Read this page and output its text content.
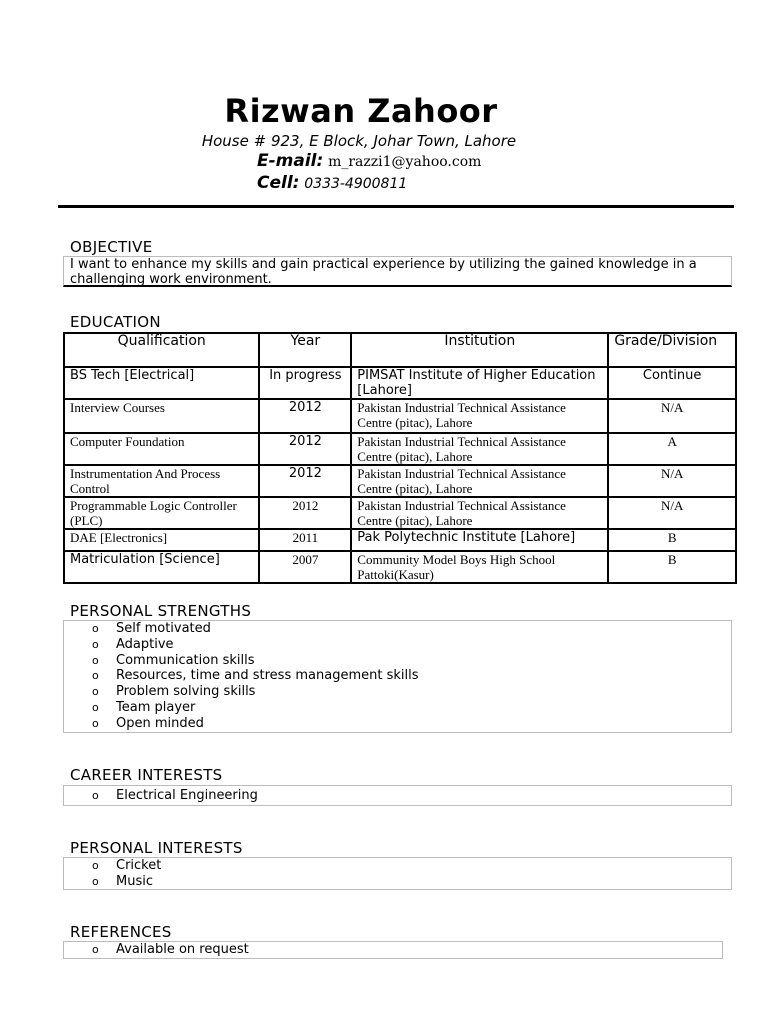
Rizwan Zahoor
House # 923, E Block, Johar Town, Lahore
E-mail: m_razzi1@yahoo.com
Cell: 0333-4900811
OBJECTIVE
I want to enhance my skills and gain practical experience by utilizing the gained knowledge in a challenging work environment.
EDUCATION
Qualification	Year	Institution	Grade/Division
BS Tech [Electrical]	In progress	PIMSAT Institute of Higher Education [Lahore]	Continue
Interview Courses	2012	Pakistan Industrial Technical Assistance Centre (pitac), Lahore	N/A
Computer Foundation	2012	Pakistan Industrial Technical Assistance Centre (pitac), Lahore	A
Instrumentation And Process Control	2012	Pakistan Industrial Technical Assistance Centre (pitac), Lahore	N/A
Programmable Logic Controller (PLC)	2012	Pakistan Industrial Technical Assistance Centre (pitac), Lahore	N/A
DAE [Electronics]	2011	Pak Polytechnic Institute [Lahore]	B
Matriculation [Science]	2007	Community Model Boys High School Pattoki(Kasur)	B
PERSONAL STRENGTHS
o Self motivated
o Adaptive
o Communication skills
o Resources, time and stress management skills
o Problem solving skills
o Team player
o Open minded
CAREER INTERESTS
o Electrical Engineering
PERSONAL INTERESTS
o Cricket
o Music
REFERENCES
o Available on request
